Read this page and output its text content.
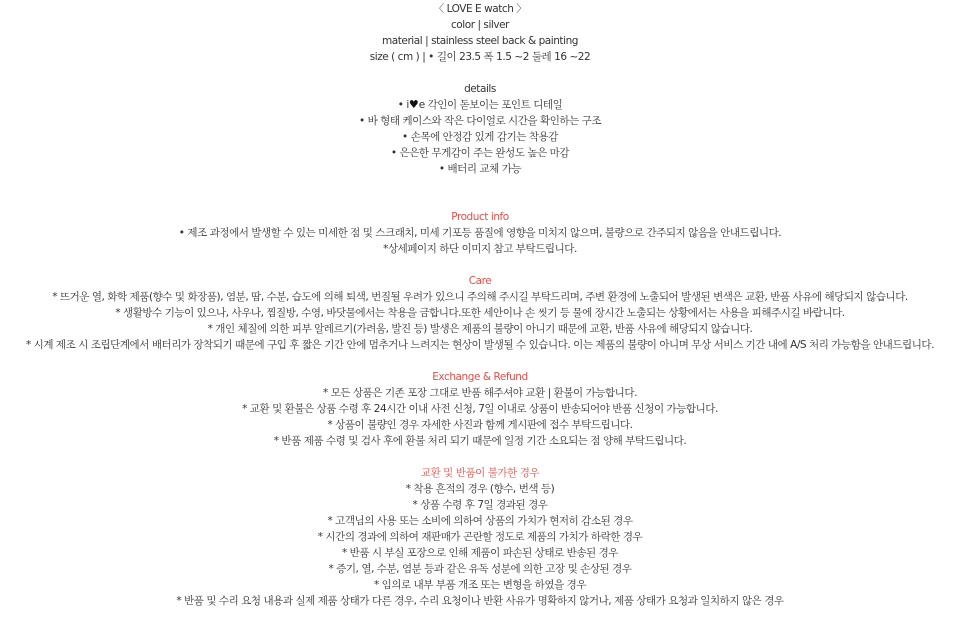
〈 LOVE E watch 〉
color | silver
material | stainless steel back & painting
size ( cm ) | • 길이 23.5 폭 1.5 ~2 둘레 16 ~22
details
• i♥e 각인이 돋보이는 포인트 디테일
• 바 형태 케이스와 작은 다이얼로 시간을 확인하는 구조
• 손목에 안정감 있게 감기는 착용감
• 은은한 무게감이 주는 완성도 높은 마감
• 배터리 교체 가능
Product info
• 제조 과정에서 발생할 수 있는 미세한 점 및 스크래치, 미세 기포등 품질에 영향을 미치지 않으며, 불량으로 간주되지 않음을 안내드립니다.
*상세페이지 하단 이미지 참고 부탁드립니다.
Care
* 뜨거운 열, 화학 제품(향수 및 화장품), 염분, 땀, 수분, 습도에 의해 퇴색, 번질될 우려가 있으니 주의해 주시길 부탁드리며, 주변 환경에 노출되어 발생된 변색은 교환, 반품 사유에 해당되지 않습니다.
* 생활방수 기능이 있으나, 사우나, 찜질방, 수영, 바닷물에서는 착용을 금합니다.또한 세안이나 손 씻기 등 물에 장시간 노출되는 상황에서는 사용을 피해주시길 바랍니다.
* 개인 체질에 의한 피부 알레르기(가려움, 발진 등) 발생은 제품의 불량이 아니기 때문에 교환, 반품 사유에 해당되지 않습니다.
* 시계 제조 시 조립단계에서 배터리가 장착되기 때문에 구입 후 짧은 기간 안에 멈추거나 느려지는 현상이 발생될 수 있습니다. 이는 제품의 불량이 아니며 무상 서비스 기간 내에 A/S 처리 가능함을 안내드립니다.
Exchange & Refund
* 모든 상품은 기존 포장 그대로 반품 해주셔야 교환 | 환불이 가능합니다.
* 교환 및 환불은 상품 수령 후 24시간 이내 사전 신청, 7일 이내로 상품이 반송되어야 반품 신청이 가능합니다.
* 상품이 불량인 경우 자세한 사진과 함께 게시판에 접수 부탁드립니다.
* 반품 제품 수령 및 검사 후에 환불 처리 되기 때문에 일정 기간 소요되는 점 양해 부탁드립니다.
교환 및 반품이 불가한 경우
* 착용 흔적의 경우 (향수, 번색 등)
* 상품 수령 후 7일 경과된 경우
* 고객님의 사용 또는 소비에 의하여 상품의 가치가 현저히 감소된 경우
* 시간의 경과에 의하여 재판매가 곤란할 정도로 제품의 가치가 하락한 경우
* 반품 시 부실 포장으로 인해 제품이 파손된 상태로 반송된 경우
* 증기, 열, 수분, 염분 등과 같은 유독 성분에 의한 고장 및 손상된 경우
* 임의로 내부 부품 개조 또는 변형을 하였을 경우
* 반품 및 수리 요청 내용과 실제 제품 상태가 다른 경우, 수리 요청이나 반환 사유가 명확하지 않거나, 제품 상태가 요청과 일치하지 않은 경우
